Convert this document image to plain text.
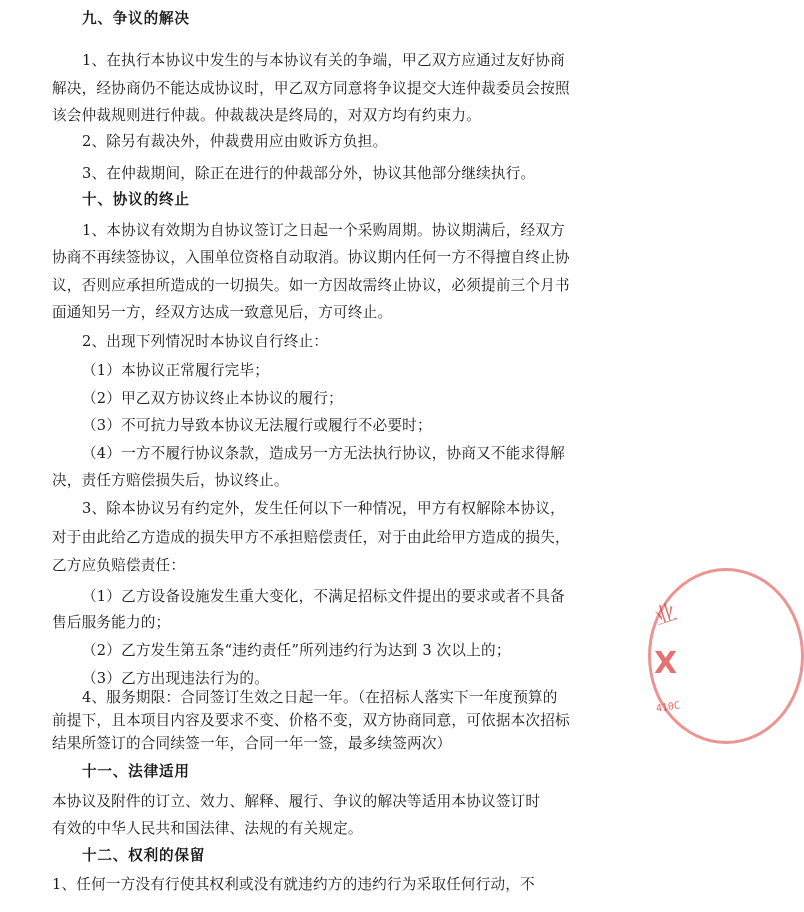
九、争议的解决
1、在执行本协议中发生的与本协议有关的争端，甲乙双方应通过友好协商
解决，经协商仍不能达成协议时，甲乙双方同意将争议提交大连仲裁委员会按照
该会仲裁规则进行仲裁。仲裁裁决是终局的，对双方均有约束力。
2、除另有裁决外，仲裁费用应由败诉方负担。
3、在仲裁期间，除正在进行的仲裁部分外，协议其他部分继续执行。
十、协议的终止
1、本协议有效期为自协议签订之日起一个采购周期。协议期满后，经双方
协商不再续签协议，入围单位资格自动取消。协议期内任何一方不得擅自终止协
议，否则应承担所造成的一切损失。如一方因故需终止协议，必须提前三个月书
面通知另一方，经双方达成一致意见后，方可终止。
2、出现下列情况时本协议自行终止：
（1）本协议正常履行完毕；
（2）甲乙双方协议终止本协议的履行；
（3）不可抗力导致本协议无法履行或履行不必要时；
（4）一方不履行协议条款，造成另一方无法执行协议，协商又不能求得解
决，责任方赔偿损失后，协议终止。
3、除本协议另有约定外，发生任何以下一种情况，甲方有权解除本协议，
对于由此给乙方造成的损失甲方不承担赔偿责任，对于由此给甲方造成的损失，
乙方应负赔偿责任：
（1）乙方设备设施发生重大变化，不满足招标文件提出的要求或者不具备
售后服务能力的；
（2）乙方发生第五条“违约责任”所列违约行为达到 3 次以上的；
（3）乙方出现违法行为的。
4、服务期限：合同签订生效之日起一年。（在招标人落实下一年度预算的
前提下，且本项目内容及要求不变、价格不变，双方协商同意，可依据本次招标
结果所签订的合同续签一年，合同一年一签，最多续签两次）
十一、法律适用
本协议及附件的订立、效力、解释、履行、争议的解决等适用本协议签订时
有效的中华人民共和国法律、法规的有关规定。
十二、权利的保留
1、任何一方没有行使其权利或没有就违约方的违约行为采取任何行动，不
业
X
410C
